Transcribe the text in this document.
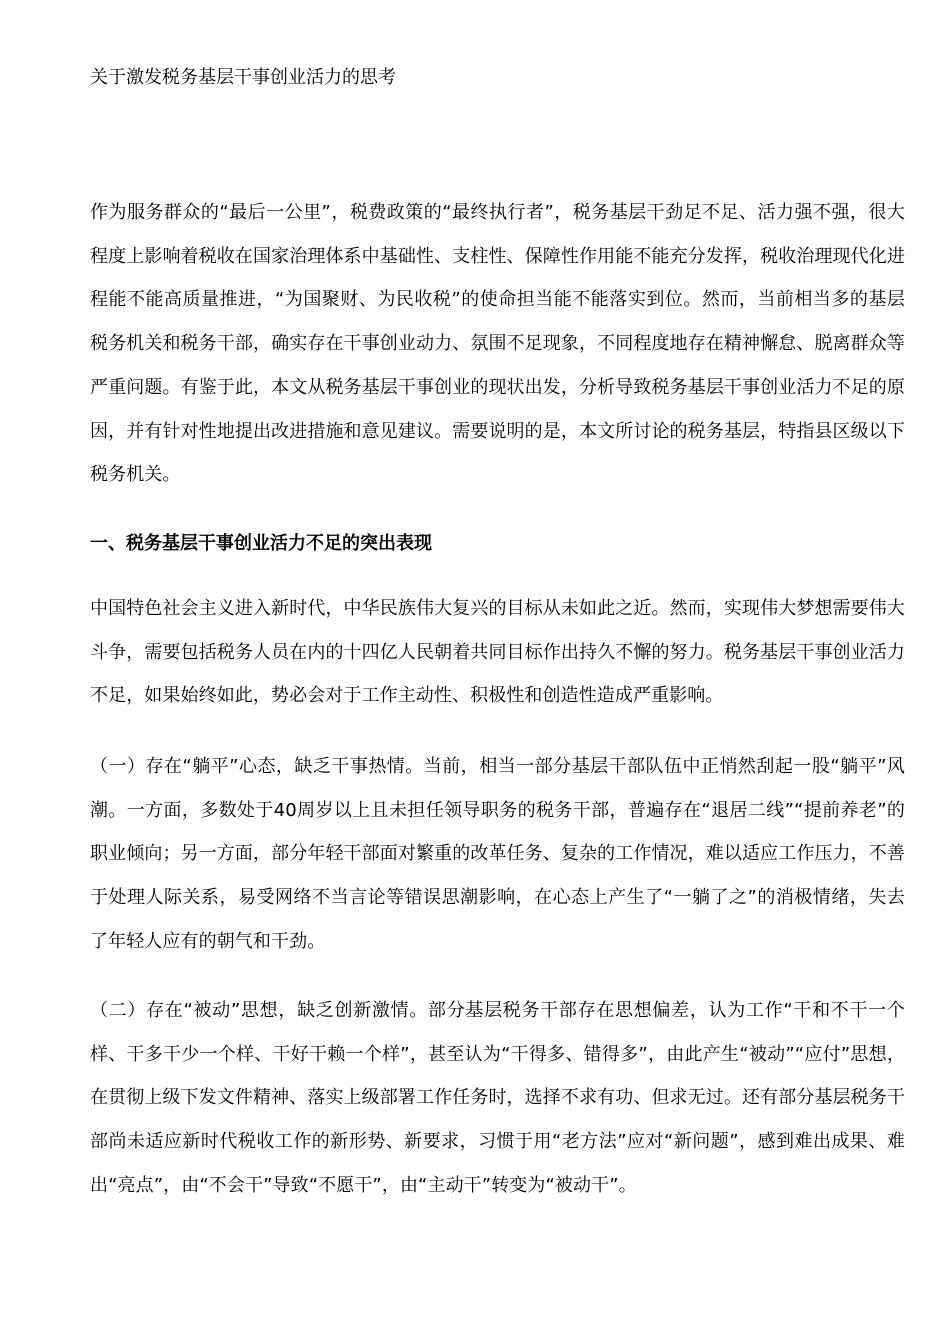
关于激发税务基层干事创业活力的思考

作为服务群众的“最后一公里”，税费政策的“最终执行者”，税务基层干劲足不足、活力强不强，很大程度上影响着税收在国家治理体系中基础性、支柱性、保障性作用能不能充分发挥，税收治理现代化进程能不能高质量推进，“为国聚财、为民收税”的使命担当能不能落实到位。然而，当前相当多的基层税务机关和税务干部，确实存在干事创业动力、氛围不足现象，不同程度地存在精神懈怠、脱离群众等严重问题。有鉴于此，本文从税务基层干事创业的现状出发，分析导致税务基层干事创业活力不足的原因，并有针对性地提出改进措施和意见建议。需要说明的是，本文所讨论的税务基层，特指县区级以下税务机关。

一、税务基层干事创业活力不足的突出表现

中国特色社会主义进入新时代，中华民族伟大复兴的目标从未如此之近。然而，实现伟大梦想需要伟大斗争，需要包括税务人员在内的十四亿人民朝着共同目标作出持久不懈的努力。税务基层干事创业活力不足，如果始终如此，势必会对于工作主动性、积极性和创造性造成严重影响。

（一）存在“躺平”心态，缺乏干事热情。当前，相当一部分基层干部队伍中正悄然刮起一股“躺平”风潮。一方面，多数处于40周岁以上且未担任领导职务的税务干部，普遍存在“退居二线”“提前养老”的职业倾向；另一方面，部分年轻干部面对繁重的改革任务、复杂的工作情况，难以适应工作压力，不善于处理人际关系，易受网络不当言论等错误思潮影响，在心态上产生了“一躺了之”的消极情绪，失去了年轻人应有的朝气和干劲。

（二）存在“被动”思想，缺乏创新激情。部分基层税务干部存在思想偏差，认为工作“干和不干一个样、干多干少一个样、干好干赖一个样”，甚至认为“干得多、错得多”，由此产生“被动”“应付”思想，在贯彻上级下发文件精神、落实上级部署工作任务时，选择不求有功、但求无过。还有部分基层税务干部尚未适应新时代税收工作的新形势、新要求，习惯于用“老方法”应对“新问题”，感到难出成果、难出“亮点”，由“不会干”导致“不愿干”，由“主动干”转变为“被动干”。
